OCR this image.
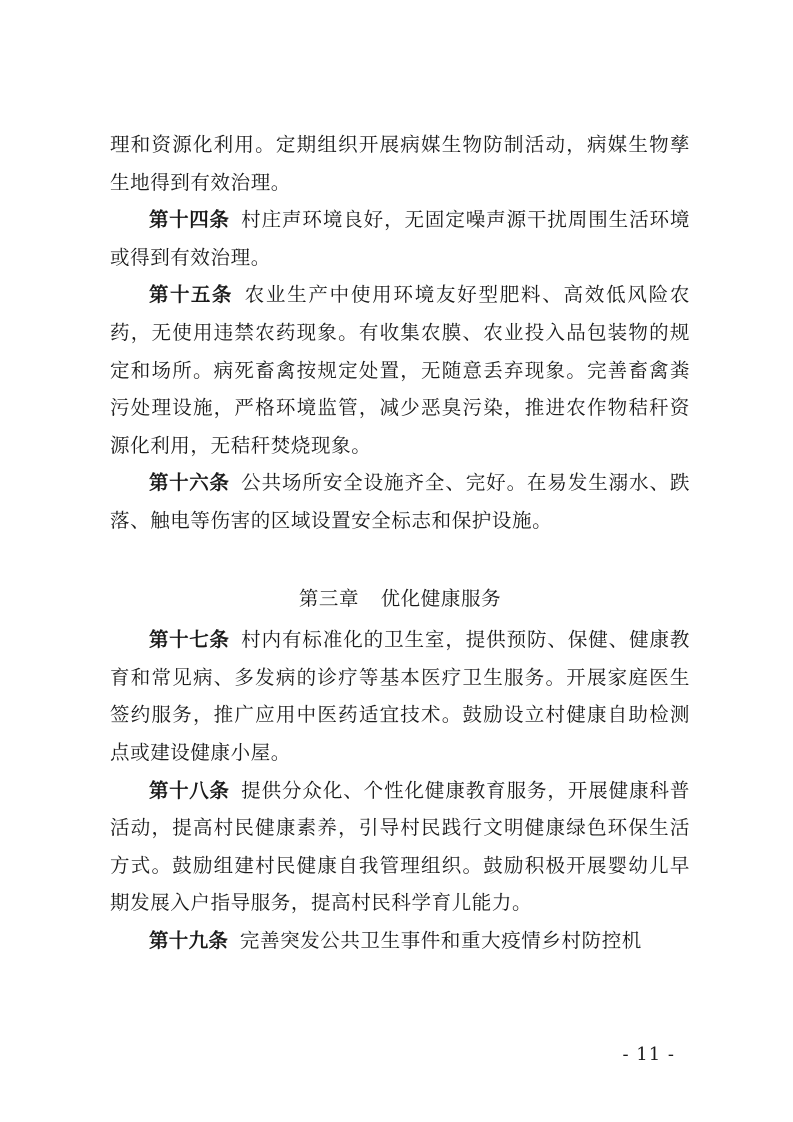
理和资源化利用。定期组织开展病媒生物防制活动，病媒生物孳生地得到有效治理。

第十四条 村庄声环境良好，无固定噪声源干扰周围生活环境或得到有效治理。

第十五条 农业生产中使用环境友好型肥料、高效低风险农药，无使用违禁农药现象。有收集农膜、农业投入品包装物的规定和场所。病死畜禽按规定处置，无随意丢弃现象。完善畜禽粪污处理设施，严格环境监管，减少恶臭污染，推进农作物秸秆资源化利用，无秸秆焚烧现象。

第十六条 公共场所安全设施齐全、完好。在易发生溺水、跌落、触电等伤害的区域设置安全标志和保护设施。

第三章 优化健康服务

第十七条 村内有标准化的卫生室，提供预防、保健、健康教育和常见病、多发病的诊疗等基本医疗卫生服务。开展家庭医生签约服务，推广应用中医药适宜技术。鼓励设立村健康自助检测点或建设健康小屋。

第十八条 提供分众化、个性化健康教育服务，开展健康科普活动，提高村民健康素养，引导村民践行文明健康绿色环保生活方式。鼓励组建村民健康自我管理组织。鼓励积极开展婴幼儿早期发展入户指导服务，提高村民科学育儿能力。

第十九条 完善突发公共卫生事件和重大疫情乡村防控机

- 11 -
